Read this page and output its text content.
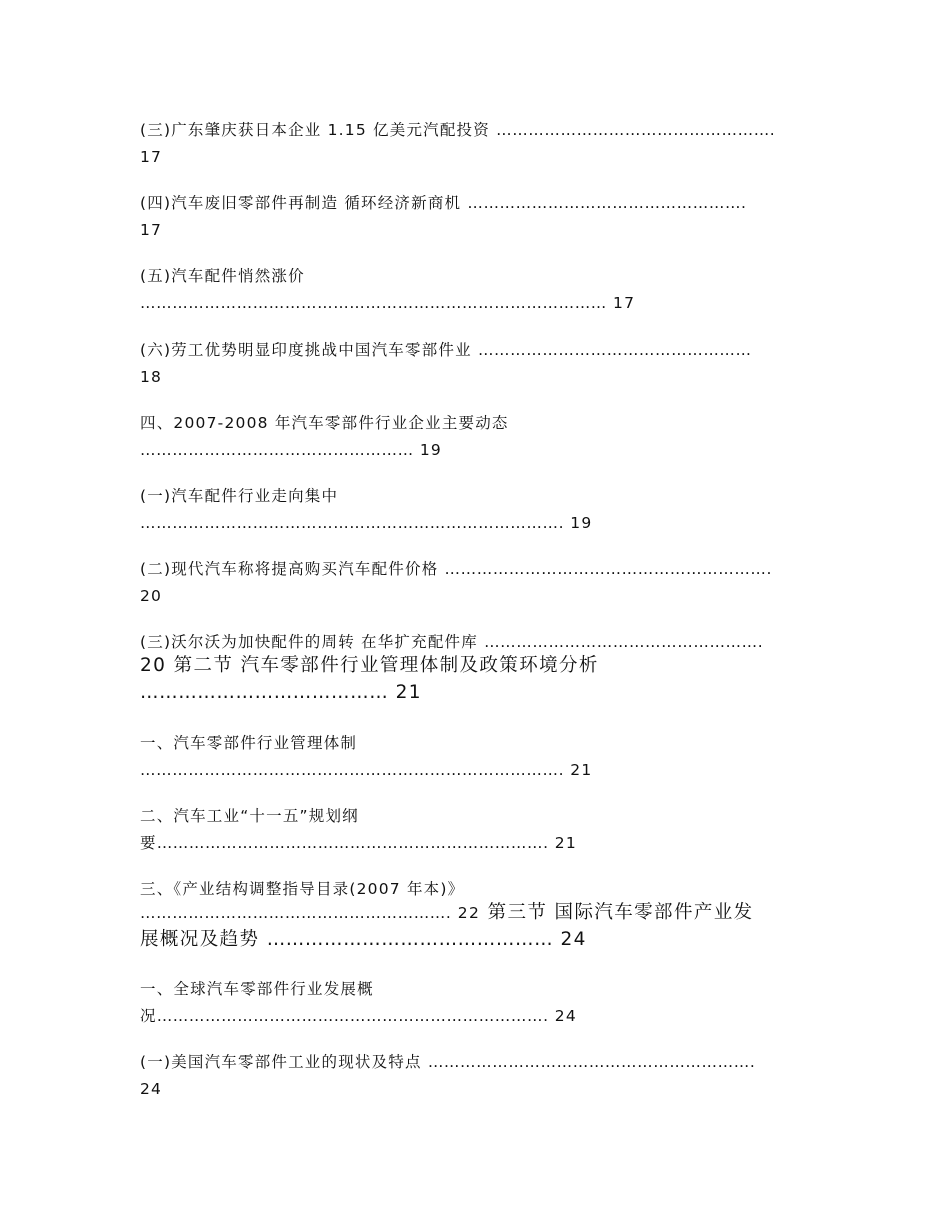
(三)广东肇庆获日本企业 1.15 亿美元汽配投资 …………………………………………….
17
(四)汽车废旧零部件再制造 循环经济新商机 …………………………………………….
17
(五)汽车配件悄然涨价
…………………………………………………………………………… 17
(六)劳工优势明显印度挑战中国汽车零部件业 ……………………………………………
18
四、2007-2008 年汽车零部件行业企业主要动态
…………………………………………… 19
(一)汽车配件行业走向集中
……………………………………………………………………. 19
(二)现代汽车称将提高购买汽车配件价格 …………………………………………………….
20
(三)沃尔沃为加快配件的周转 在华扩充配件库 …………………………………………….
20 第二节 汽车零部件行业管理体制及政策环境分析
………………………………… 21
一、汽车零部件行业管理体制
……………………………………………………………………. 21
二、汽车工业“十一五”规划纲
要………………………………………………………………. 21
三、《产业结构调整指导目录(2007 年本)》
…………………………………………………. 22 第三节 国际汽车零部件产业发
展概况及趋势 ……………………………………… 24
一、全球汽车零部件行业发展概
况………………………………………………………………. 24
(一)美国汽车零部件工业的现状及特点 …………………………………………………….
24
